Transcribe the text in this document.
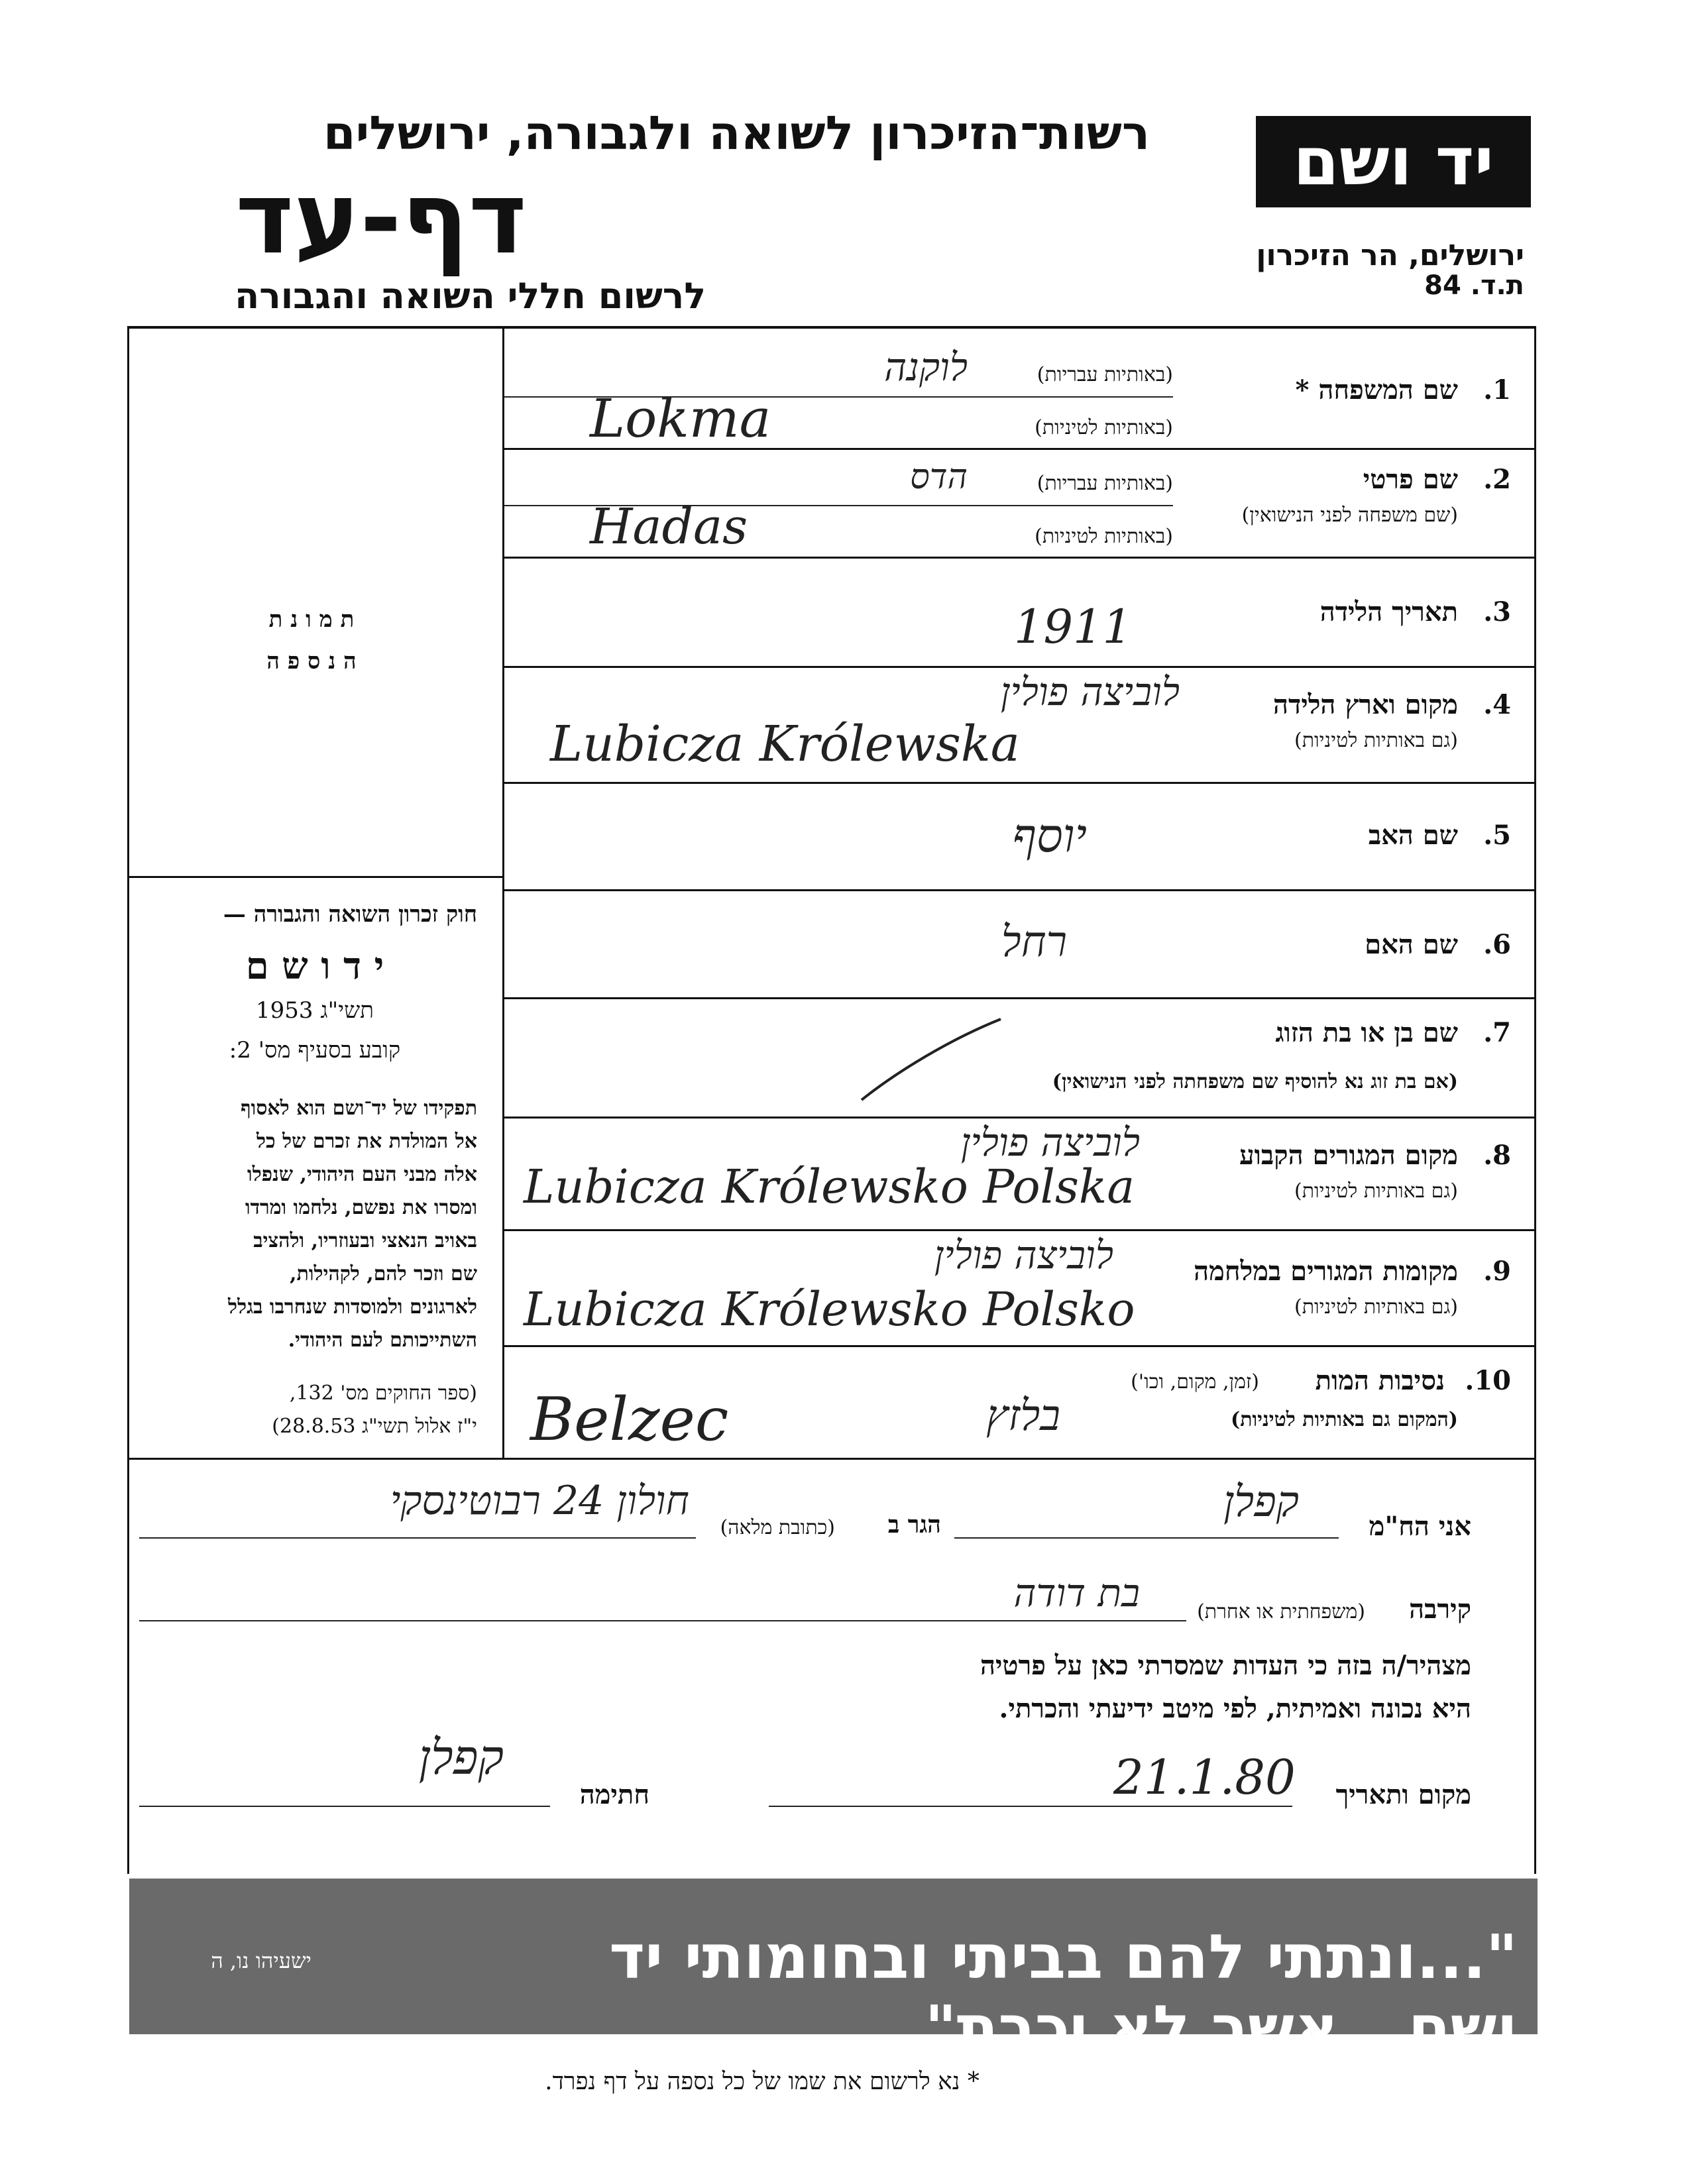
רשות־הזיכרון לשואה ולגבורה, ירושלים
דף-עד
לרשום חללי השואה והגבורה
יד ושם
ירושלים, הר הזיכרון
ת.ד. 84
ת מ ו נ ת
ה נ ס פ ה
חוק זכרון השואה והגבורה —
י ד ו ש ם
תשי"ג 1953
קובע בסעיף מס' 2:
תפקידו של יד־ושם הוא לאסוף
אל המולדת את זכרם של כל
אלה מבני העם היהודי, שנפלו
ומסרו את נפשם, נלחמו ומרדו
באויב הנאצי ובעוזריו, ולהציב
שם וזכר להם, לקהילות,
לארגונים ולמוסדות שנחרבו בגלל
השתייכותם לעם היהודי.
(ספר החוקים מס' 132,
י"ז אלול תשי"ג 28.8.53)
1.
שם המשפחה *
(באותיות עבריות)
(באותיות לטיניות)
לוקנה
Lokma
2.
שם פרטי
(שם משפחה לפני הנישואין)
(באותיות עבריות)
(באותיות לטיניות)
הדס
Hadas
3.
תאריך הלידה
1911
4.
מקום וארץ הלידה
(גם באותיות לטיניות)
לוביצה פולין
Lubicza Królewska
5.
שם האב
יוסף
6.
שם האם
רחל
7.
שם בן או בת הזוג
(אם בת זוג נא להוסיף שם משפחתה לפני הנישואין)
8.
מקום המגורים הקבוע
(גם באותיות לטיניות)
לוביצה פולין
Lubicza Królewsko Polska
9.
מקומות המגורים במלחמה
(גם באותיות לטיניות)
לוביצה פולין
Lubicza Królewsko Polsko
10.
נסיבות המות
(זמן, מקום, וכו')
(המקום גם באותיות לטיניות)
בלזץ
Belzec
אני הח"מ
קפלן
הגר ב
(כתובת מלאה)
חולון 24 רבוטינסקי
קירבה
(משפחתית או אחרת)
בת דודה
מצהיר/ה בזה כי העדות שמסרתי כאן על פרטיה
היא נכונה ואמיתית, לפי מיטב ידיעתי והכרתי.
מקום ותאריך
21.1.80
חתימה
קפלן
"...ונתתי להם בביתי ובחומותי יד ושם...אשר לא יכרת"
ישעיהו נו, ה
* נא לרשום את שמו של כל נספה על דף נפרד.
